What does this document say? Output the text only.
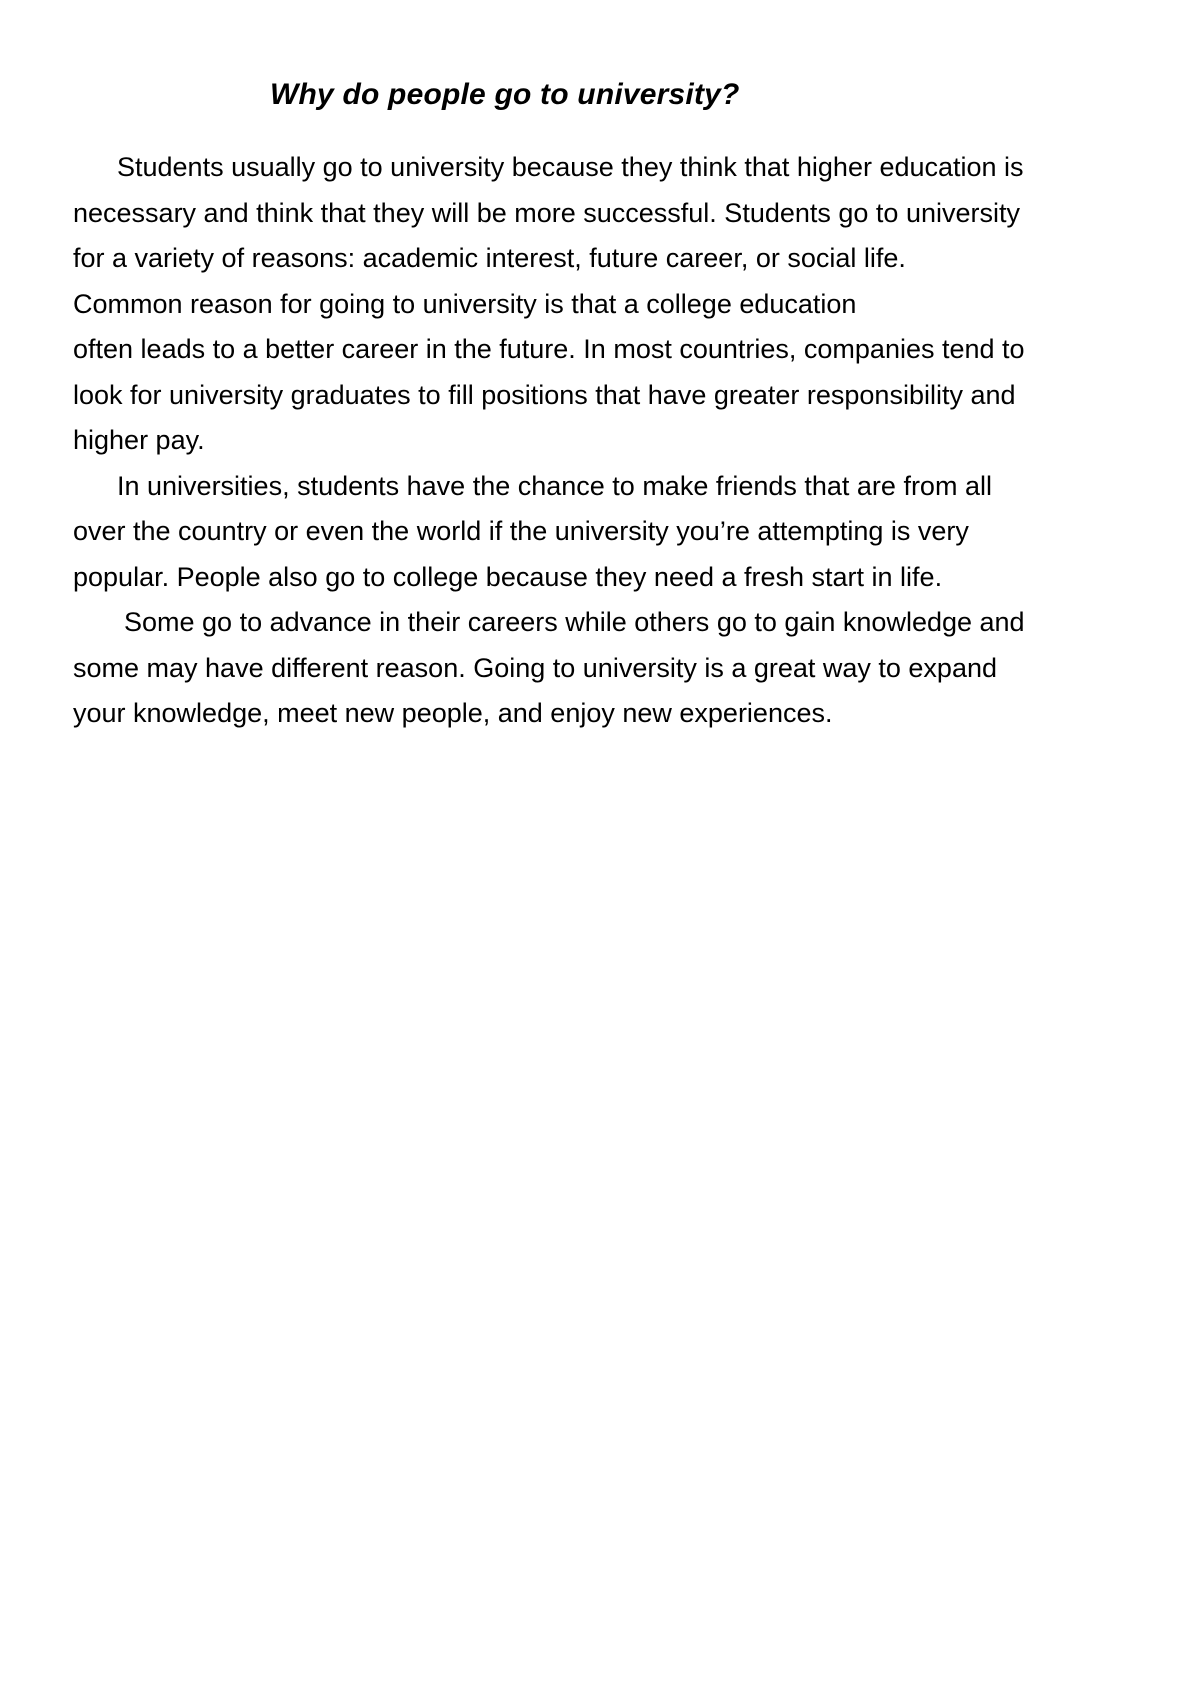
Why do people go to university?
Students usually go to university because they think that higher education is
necessary and think that they will be more successful. Students go to university
for a variety of reasons: academic interest, future career, or social life.
Common reason for going to university is that a college education
often leads to a better career in the future. In most countries, companies tend to
look for university graduates to fill positions that have greater responsibility and
higher pay.
In universities, students have the chance to make friends that are from all
over the country or even the world if the university you’re attempting is very
popular. People also go to college because they need a fresh start in life.
Some go to advance in their careers while others go to gain knowledge and
some may have different reason. Going to university is a great way to expand
your knowledge, meet new people, and enjoy new experiences.
